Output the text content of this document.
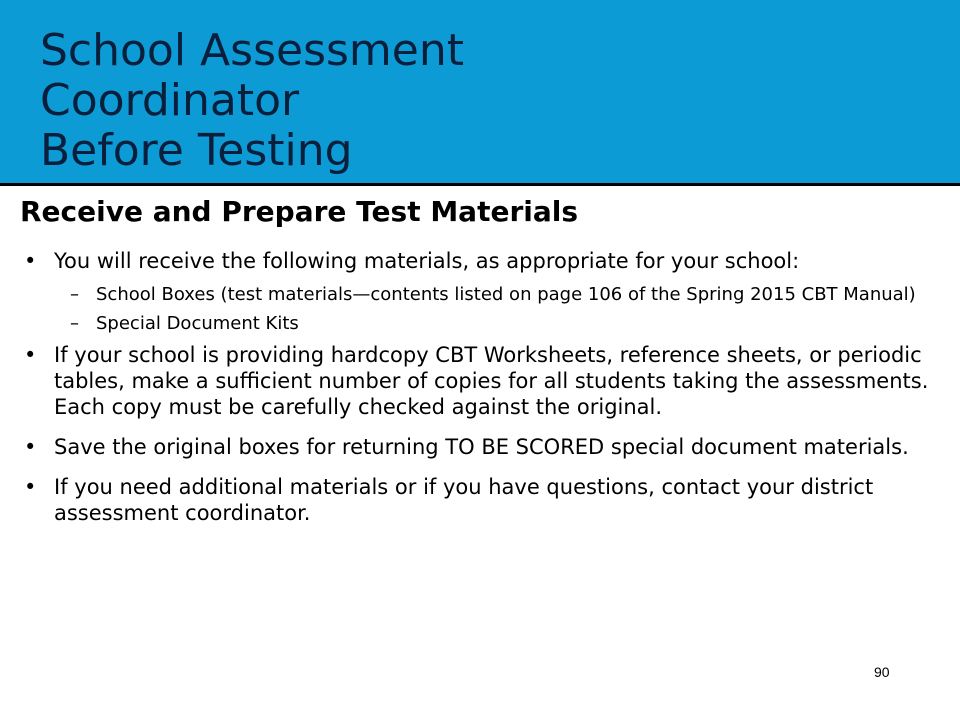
School Assessment
Coordinator
Before Testing
Receive and Prepare Test Materials
• You will receive the following materials, as appropriate for your school:
– School Boxes (test materials—contents listed on page 106 of the Spring 2015 CBT Manual)
– Special Document Kits
• If your school is providing hardcopy CBT Worksheets, reference sheets, or periodic tables, make a sufficient number of copies for all students taking the assessments. Each copy must be carefully checked against the original.
• Save the original boxes for returning TO BE SCORED special document materials.
• If you need additional materials or if you have questions, contact your district assessment coordinator.
90
